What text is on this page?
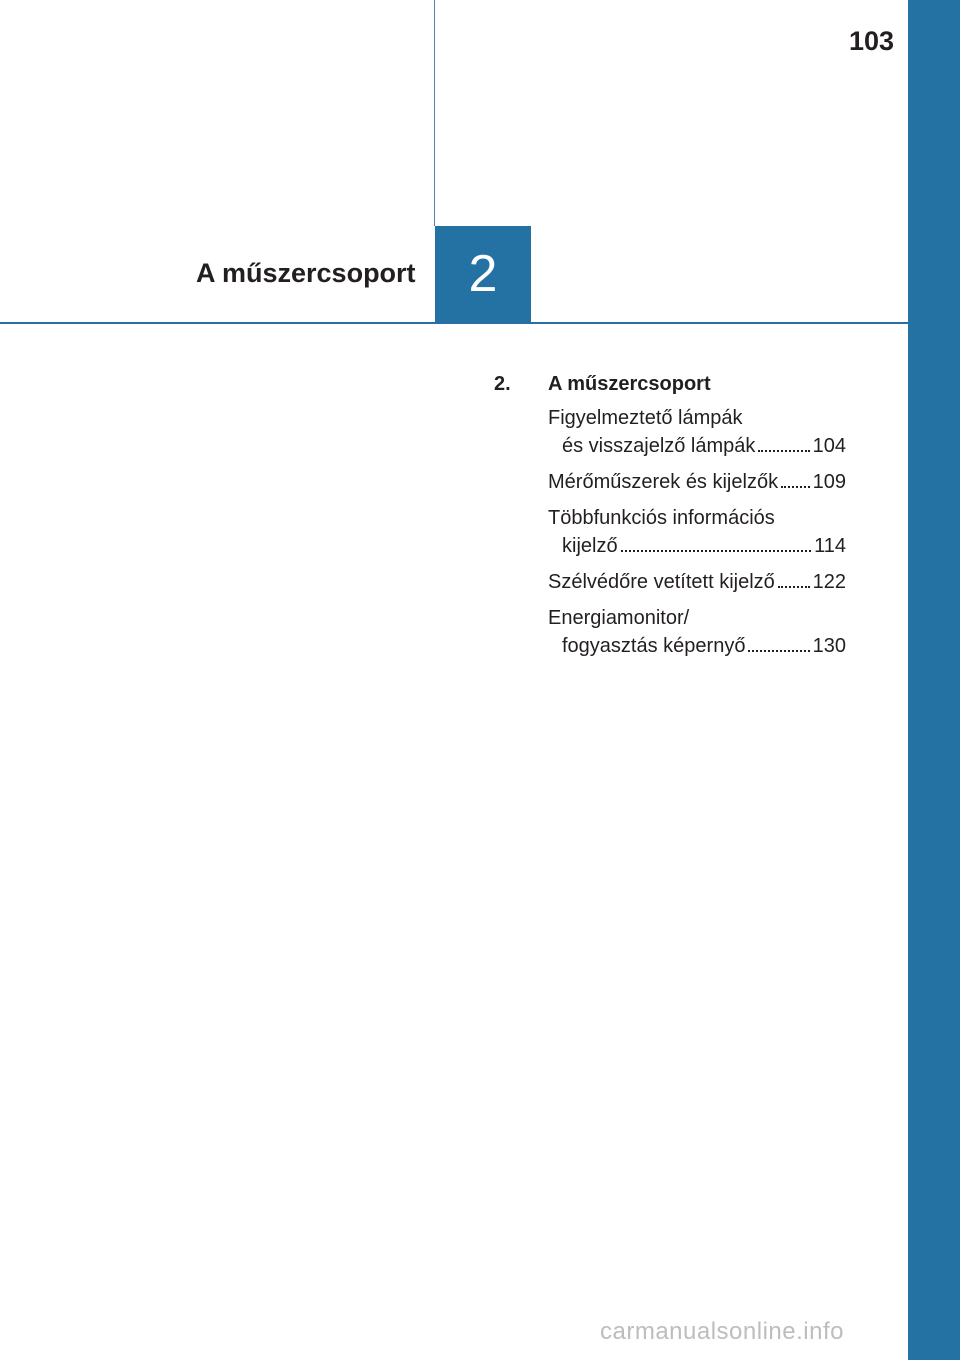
103
A műszercsoport 2
2.	A műszercsoport
Figyelmeztető lámpák
és visszajelző lámpák	104
Mérőműszerek és kijelzők 109
Többfunkciós információs
kijelző	114
Szélvédőre vetített kijelző 122
Energiamonitor/
fogyasztás képernyő	130
carmanualsonline.info
